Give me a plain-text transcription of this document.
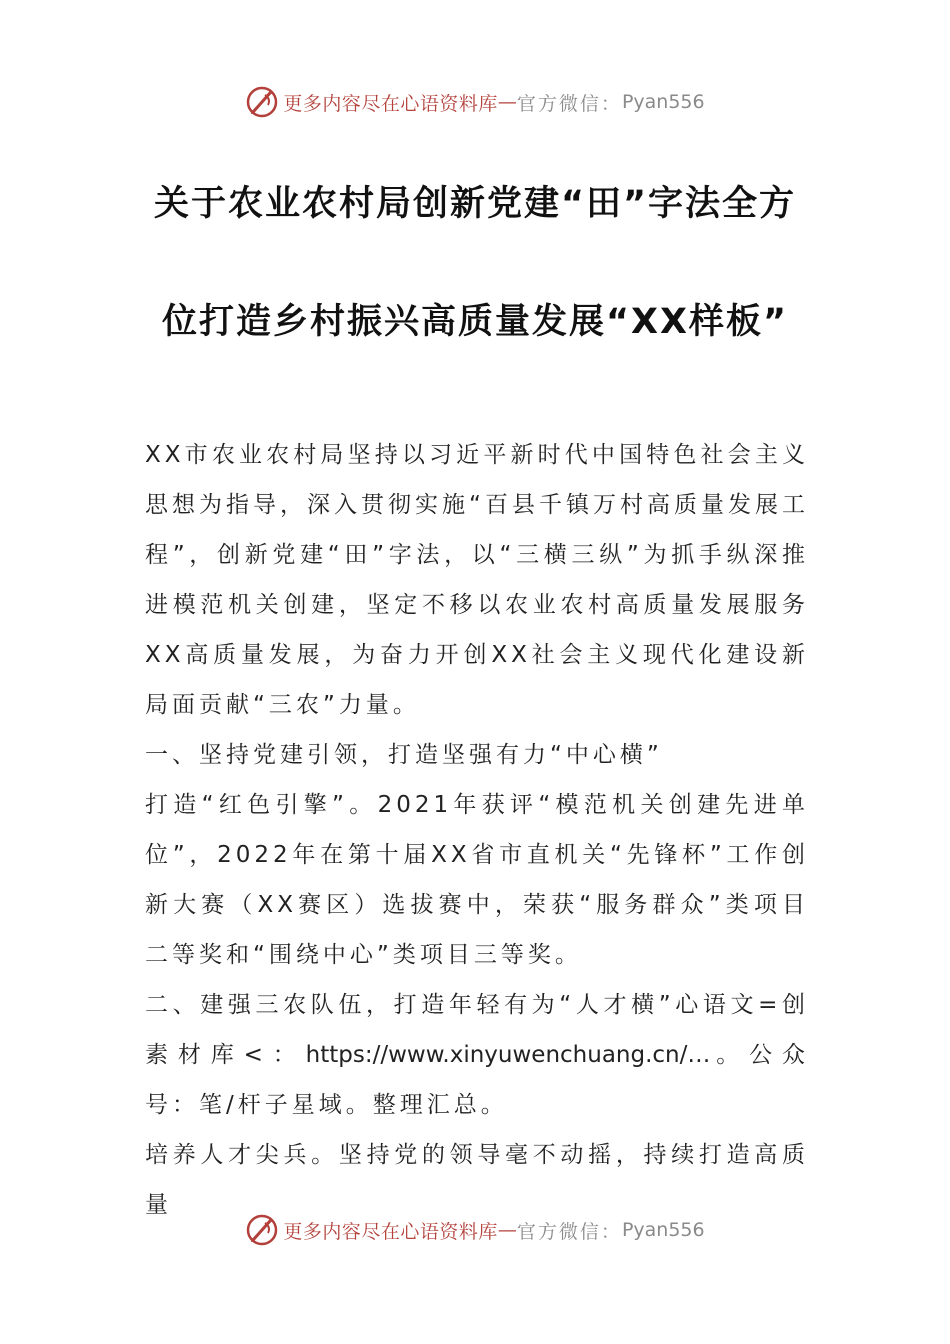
更多内容尽在心语资料库 — 官方微信： Pyan556
关于农业农村局创新党建“田”字法全方
位打造乡村振兴高质量发展“XX样板”

XX市农业农村局坚持以习近平新时代中国特色社会主义思想为指导，深入贯彻实施“百县千镇万村高质量发展工程”，创新党建“田”字法，以“三横三纵”为抓手纵深推进模范机关创建，坚定不移以农业农村高质量发展服务XX高质量发展，为奋力开创XX社会主义现代化建设新局面贡献“三农”力量。

一、坚持党建引领，打造坚强有力“中心横”

打造“红色引擎”。2021年获评“模范机关创建先进单位”，2022年在第十届XX省市直机关“先锋杯”工作创新大赛（XX赛区）选拔赛中，荣获“服务群众”类项目二等奖和“围绕中心”类项目三等奖。

二、建强三农队伍，打造年轻有为“人才横”心语文=创素材库<：https://www.xinyuwenchuang.cn/…。公众号：笔/杆子星域。整理汇总。

培养人才尖兵。坚持党的领导毫不动摇，持续打造高质量

更多内容尽在心语资料库 — 官方微信： Pyan556
